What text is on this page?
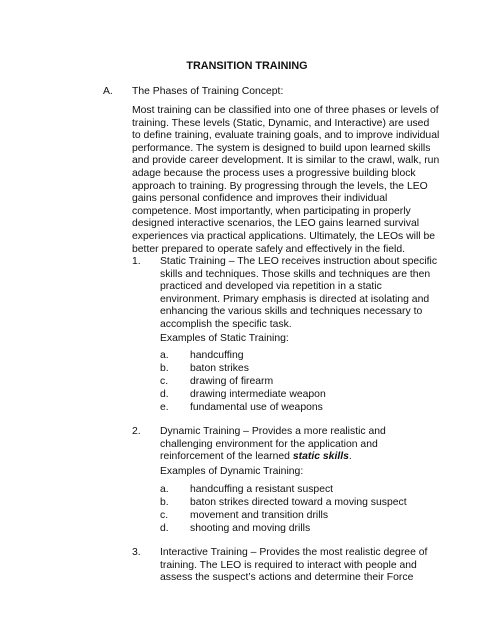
TRANSITION TRAINING
A. The Phases of Training Concept:
Most training can be classified into one of three phases or levels of
training. These levels (Static, Dynamic, and Interactive) are used
to define training, evaluate training goals, and to improve individual
performance. The system is designed to build upon learned skills
and provide career development. It is similar to the crawl, walk, run
adage because the process uses a progressive building block
approach to training. By progressing through the levels, the LEO
gains personal confidence and improves their individual
competence. Most importantly, when participating in properly
designed interactive scenarios, the LEO gains learned survival
experiences via practical applications. Ultimately, the LEOs will be
better prepared to operate safely and effectively in the field.
1. Static Training – The LEO receives instruction about specific
skills and techniques. Those skills and techniques are then
practiced and developed via repetition in a static
environment. Primary emphasis is directed at isolating and
enhancing the various skills and techniques necessary to
accomplish the specific task.
Examples of Static Training:
a. handcuffing
b. baton strikes
c. drawing of firearm
d. drawing intermediate weapon
e. fundamental use of weapons
2. Dynamic Training – Provides a more realistic and
challenging environment for the application and
reinforcement of the learned static skills.
Examples of Dynamic Training:
a. handcuffing a resistant suspect
b. baton strikes directed toward a moving suspect
c. movement and transition drills
d. shooting and moving drills
3. Interactive Training – Provides the most realistic degree of
training. The LEO is required to interact with people and
assess the suspect’s actions and determine their Force
